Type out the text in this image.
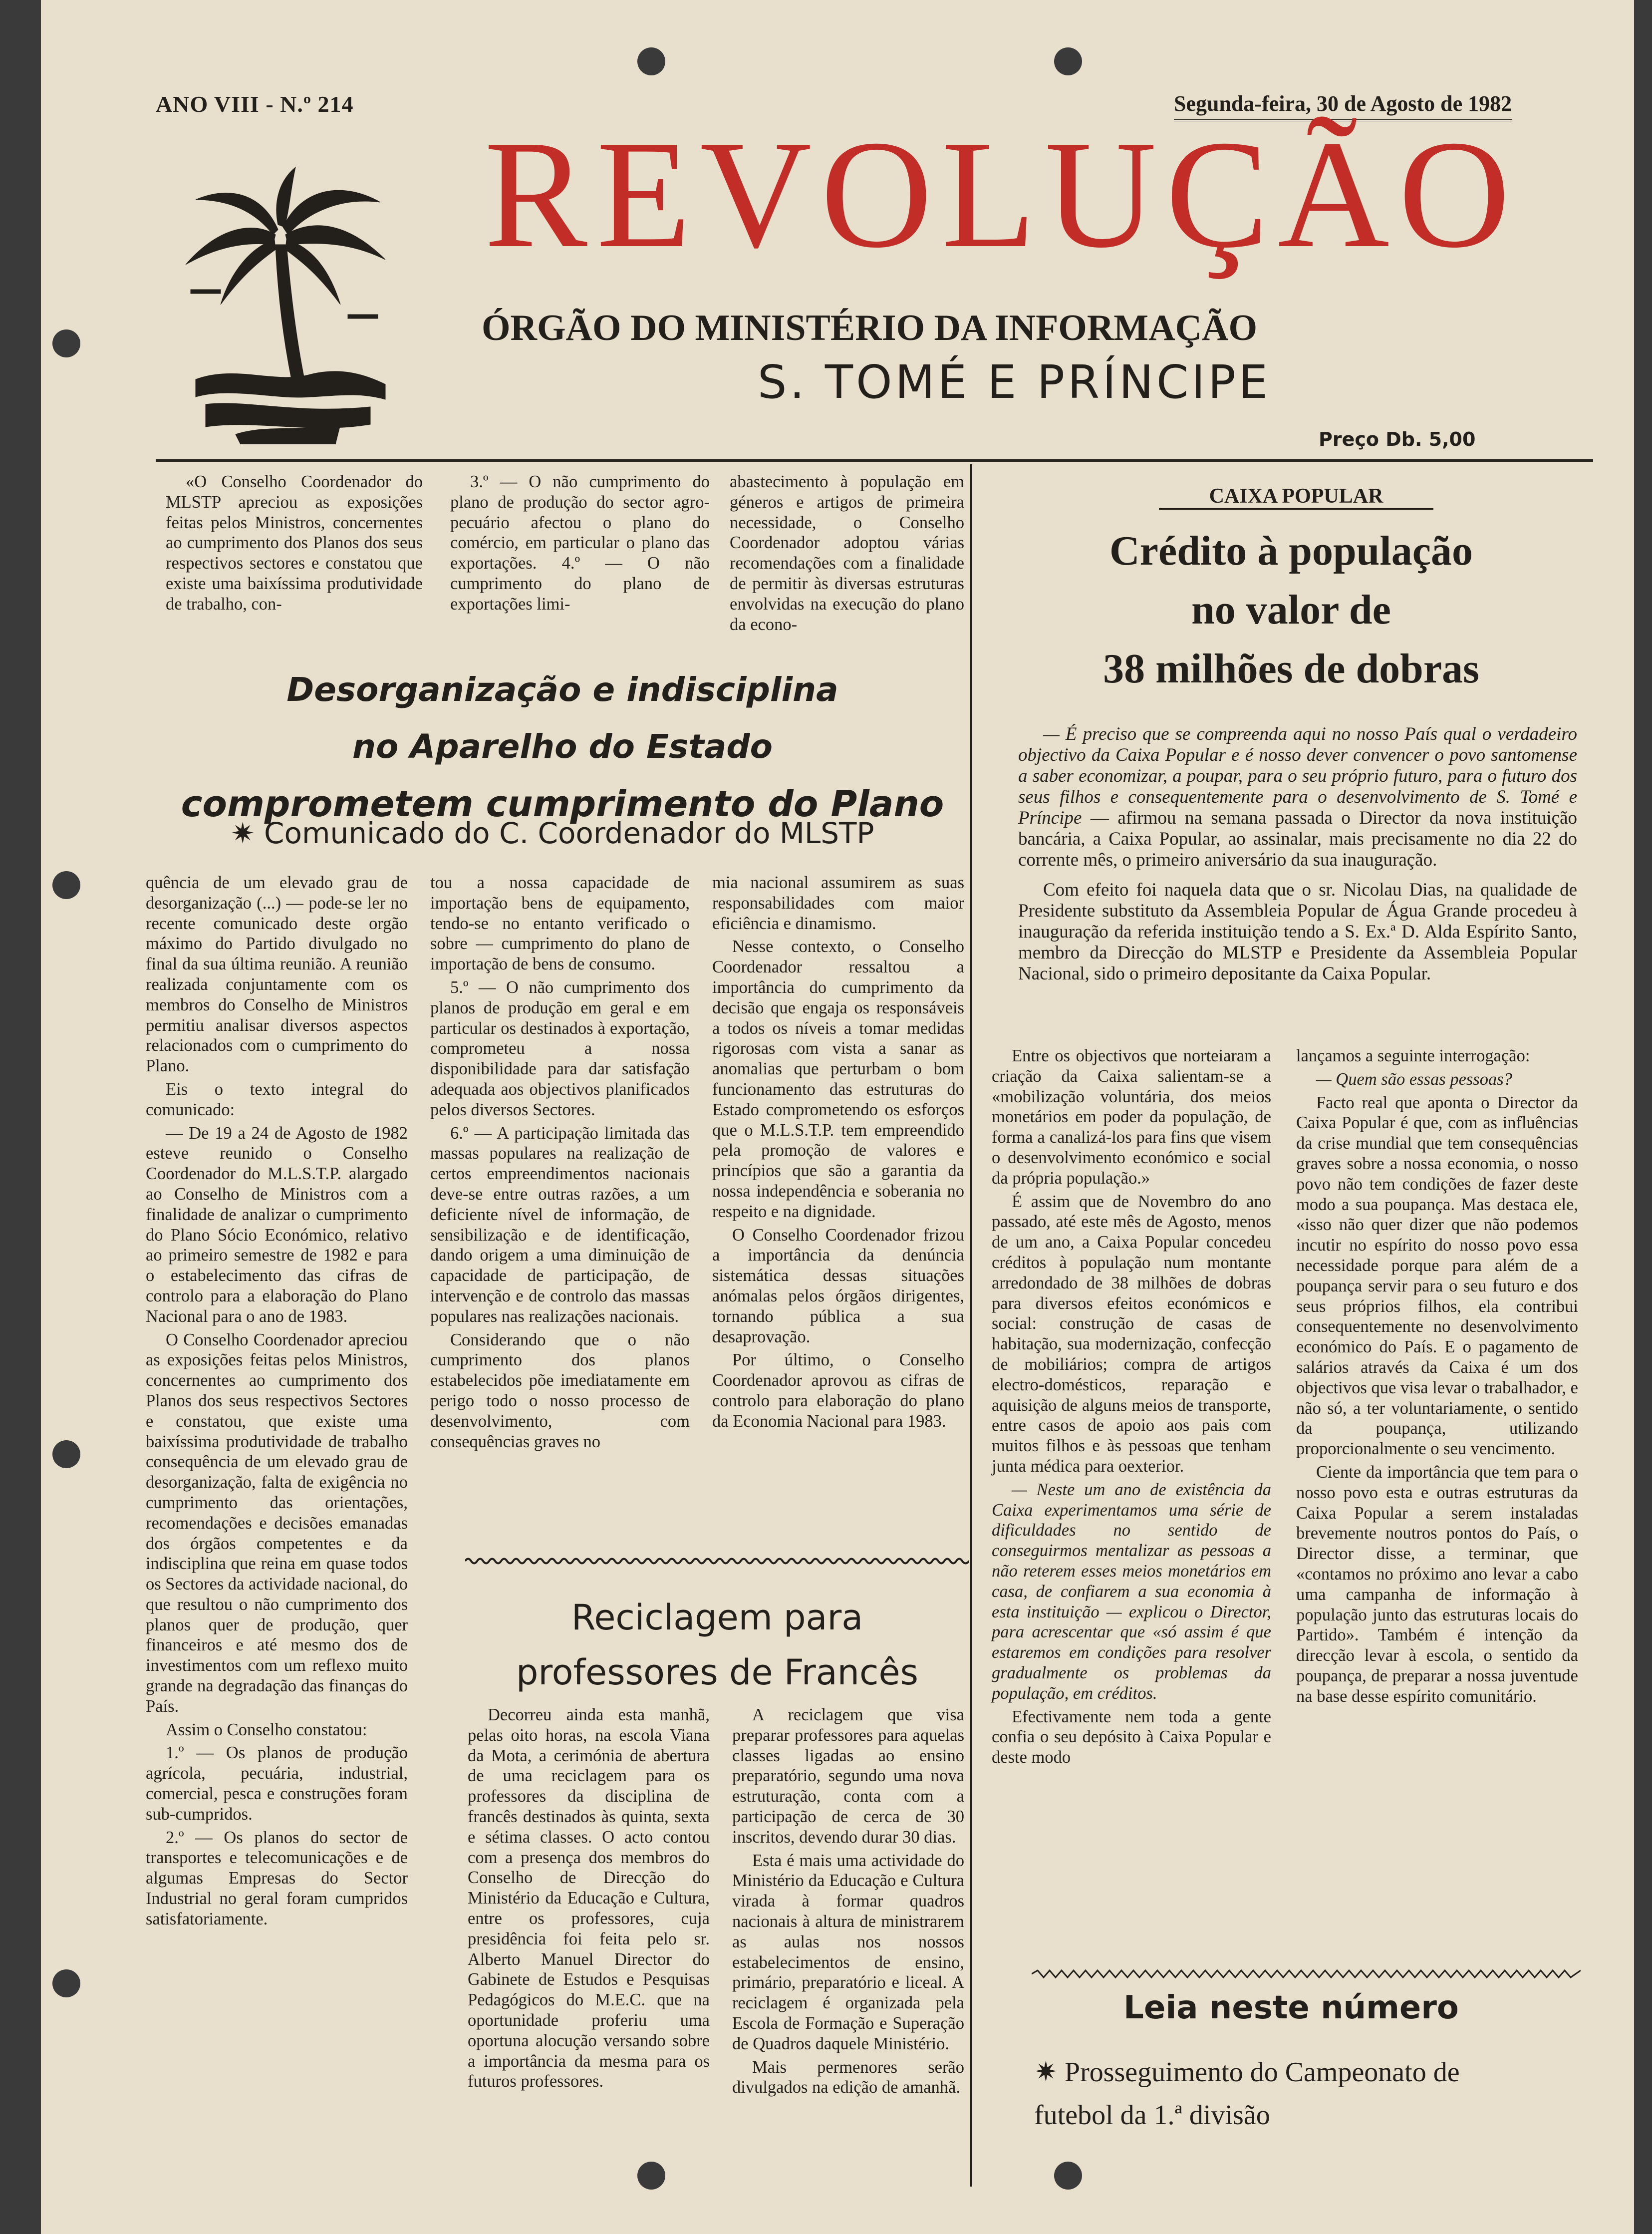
ANO VIII - N.º 214	Segunda-feira, 30 de Agosto de 1982
REVOLUÇÃO
ÓRGÃO DO MINISTÉRIO DA INFORMAÇÃO
S. TOMÉ E PRÍNCIPE
Preço Db. 5,00

«O Conselho Coordenador do MLSTP apreciou as exposições feitas pelos Ministros, concernentes ao cumprimento dos Planos dos seus respectivos sectores e constatou que existe uma baixíssima produtividade de trabalho, con-

3.º — O não cumprimento do plano de produção do sector agro-pecuário afectou o plano do comércio, em particular o plano das exportações. 4.º — O não cumprimento do plano de exportações limi-

abastecimento à população em géneros e artigos de primeira necessidade, o Conselho Coordenador adoptou várias recomendações com a finalidade de permitir às diversas estruturas envolvidas na execução do plano da econo-

Desorganização e indisciplina
no Aparelho do Estado
comprometem cumprimento do Plano
✷ Comunicado do C. Coordenador do MLSTP

quência de um elevado grau de desorganização (...) — pode-se ler no recente comunicado deste orgão máximo do Partido divulgado no final da sua última reunião. A reunião realizada conjuntamente com os membros do Conselho de Ministros permitiu analisar diversos aspectos relacionados com o cumprimento do Plano.

Eis o texto integral do comunicado:

— De 19 a 24 de Agosto de 1982 esteve reunido o Conselho Coordenador do M.L.S.T.P. alargado ao Conselho de Ministros com a finalidade de analizar o cumprimento do Plano Sócio Económico, relativo ao primeiro semestre de 1982 e para o estabelecimento das cifras de controlo para a elaboração do Plano Nacional para o ano de 1983.

O Conselho Coordenador apreciou as exposições feitas pelos Ministros, concernentes ao cumprimento dos Planos dos seus respectivos Sectores e constatou, que existe uma baixíssima produtividade de trabalho consequência de um elevado grau de desorganização, falta de exigência no cumprimento das orientações, recomendações e decisões emanadas dos órgãos competentes e da indisciplina que reina em quase todos os Sectores da actividade nacional, do que resultou o não cumprimento dos planos quer de produção, quer financeiros e até mesmo dos de investimentos com um reflexo muito grande na degradação das finanças do País.

Assim o Conselho constatou:

1.º — Os planos de produção agrícola, pecuária, industrial, comercial, pesca e construções foram sub-cumpridos.

2.º — Os planos do sector de transportes e telecomunicações e de algumas Empresas do Sector Industrial no geral foram cumpridos satisfatoriamente.

tou a nossa capacidade de importação bens de equipamento, tendo-se no entanto verificado o sobre — cumprimento do plano de importação de bens de consumo.

5.º — O não cumprimento dos planos de produção em geral e em particular os destinados à exportação, comprometeu a nossa disponibilidade para dar satisfação adequada aos objectivos planificados pelos diversos Sectores.

6.º — A participação limitada das massas populares na realização de certos empreendimentos nacionais deve-se entre outras razões, a um deficiente nível de informação, de sensibilização e de identificação, dando origem a uma diminuição de capacidade de participação, de intervenção e de controlo das massas populares nas realizações nacionais.

Considerando que o não cumprimento dos planos estabelecidos põe imediatamente em perigo todo o nosso processo de desenvolvimento, com consequências graves no

mia nacional assumirem as suas responsabilidades com maior eficiência e dinamismo.

Nesse contexto, o Conselho Coordenador ressaltou a importância do cumprimento da decisão que engaja os responsáveis a todos os níveis a tomar medidas rigorosas com vista a sanar as anomalias que perturbam o bom funcionamento das estruturas do Estado comprometendo os esforços que o M.L.S.T.P. tem empreendido pela promoção de valores e princípios que são a garantia da nossa independência e soberania no respeito e na dignidade.

O Conselho Coordenador frizou a importância da denúncia sistemática dessas situações anómalas pelos órgãos dirigentes, tornando pública a sua desaprovação.

Por último, o Conselho Coordenador aprovou as cifras de controlo para elaboração do plano da Economia Nacional para 1983.

Reciclagem para
professores de Francês

Decorreu ainda esta manhã, pelas oito horas, na escola Viana da Mota, a cerimónia de abertura de uma reciclagem para os professores da disciplina de francês destinados às quinta, sexta e sétima classes. O acto contou com a presença dos membros do Conselho de Direcção do Ministério da Educação e Cultura, entre os professores, cuja presidência foi feita pelo sr. Alberto Manuel Director do Gabinete de Estudos e Pesquisas Pedagógicos do M.E.C. que na oportunidade proferiu uma oportuna alocução versando sobre a importância da mesma para os futuros professores.

A reciclagem que visa preparar professores para aquelas classes ligadas ao ensino preparatório, segundo uma nova estruturação, conta com a participação de cerca de 30 inscritos, devendo durar 30 dias.

Esta é mais uma actividade do Ministério da Educação e Cultura virada à formar quadros nacionais à altura de ministrarem as aulas nos nossos estabelecimentos de ensino, primário, preparatório e liceal. A reciclagem é organizada pela Escola de Formação e Superação de Quadros daquele Ministério.

Mais permenores serão divulgados na edição de amanhã.

CAIXA POPULAR
Crédito à população
no valor de
38 milhões de dobras

— É preciso que se compreenda aqui no nosso País qual o verdadeiro objectivo da Caixa Popular e é nosso dever convencer o povo santomense a saber economizar, a poupar, para o seu próprio futuro, para o futuro dos seus filhos e consequentemente para o desenvolvimento de S. Tomé e Príncipe — afirmou na semana passada o Director da nova instituição bancária, a Caixa Popular, ao assinalar, mais precisamente no dia 22 do corrente mês, o primeiro aniversário da sua inauguração.

Com efeito foi naquela data que o sr. Nicolau Dias, na qualidade de Presidente substituto da Assembleia Popular de Água Grande procedeu à inauguração da referida instituição tendo a S. Ex.ª D. Alda Espírito Santo, membro da Direcção do MLSTP e Presidente da Assembleia Popular Nacional, sido o primeiro depositante da Caixa Popular.

Entre os objectivos que norteiaram a criação da Caixa salientam-se a «mobilização voluntária, dos meios monetários em poder da população, de forma a canalizá-los para fins que visem o desenvolvimento económico e social da própria população.»

É assim que de Novembro do ano passado, até este mês de Agosto, menos de um ano, a Caixa Popular concedeu créditos à população num montante arredondado de 38 milhões de dobras para diversos efeitos económicos e social: construção de casas de habitação, sua modernização, confecção de mobiliários; compra de artigos electro-domésticos, reparação e aquisição de alguns meios de transporte, entre casos de apoio aos pais com muitos filhos e às pessoas que tenham junta médica para oexterior.

— Neste um ano de existência da Caixa experimentamos uma série de dificuldades no sentido de conseguirmos mentalizar as pessoas a não reterem esses meios monetários em casa, de confiarem a sua economia à esta instituição — explicou o Director, para acrescentar que «só assim é que estaremos em condições para resolver gradualmente os problemas da população, em créditos.

Efectivamente nem toda a gente confia o seu depósito à Caixa Popular e deste modo

lançamos a seguinte interrogação:

— Quem são essas pessoas?

Facto real que aponta o Director da Caixa Popular é que, com as influências da crise mundial que tem consequências graves sobre a nossa economia, o nosso povo não tem condições de fazer deste modo a sua poupança. Mas destaca ele, «isso não quer dizer que não podemos incutir no espírito do nosso povo essa necessidade porque para além de a poupança servir para o seu futuro e dos seus próprios filhos, ela contribui consequentemente no desenvolvimento económico do País. E o pagamento de salários através da Caixa é um dos objectivos que visa levar o trabalhador, e não só, a ter voluntariamente, o sentido da poupança, utilizando proporcionalmente o seu vencimento.

Ciente da importância que tem para o nosso povo esta e outras estruturas da Caixa Popular a serem instaladas brevemente noutros pontos do País, o Director disse, a terminar, que «contamos no próximo ano levar a cabo uma campanha de informação à população junto das estruturas locais do Partido». Também é intenção da direcção levar à escola, o sentido da poupança, de preparar a nossa juventude na base desse espírito comunitário.

Leia neste número
✷ Prosseguimento do Campeonato de
futebol da 1.ª divisão
